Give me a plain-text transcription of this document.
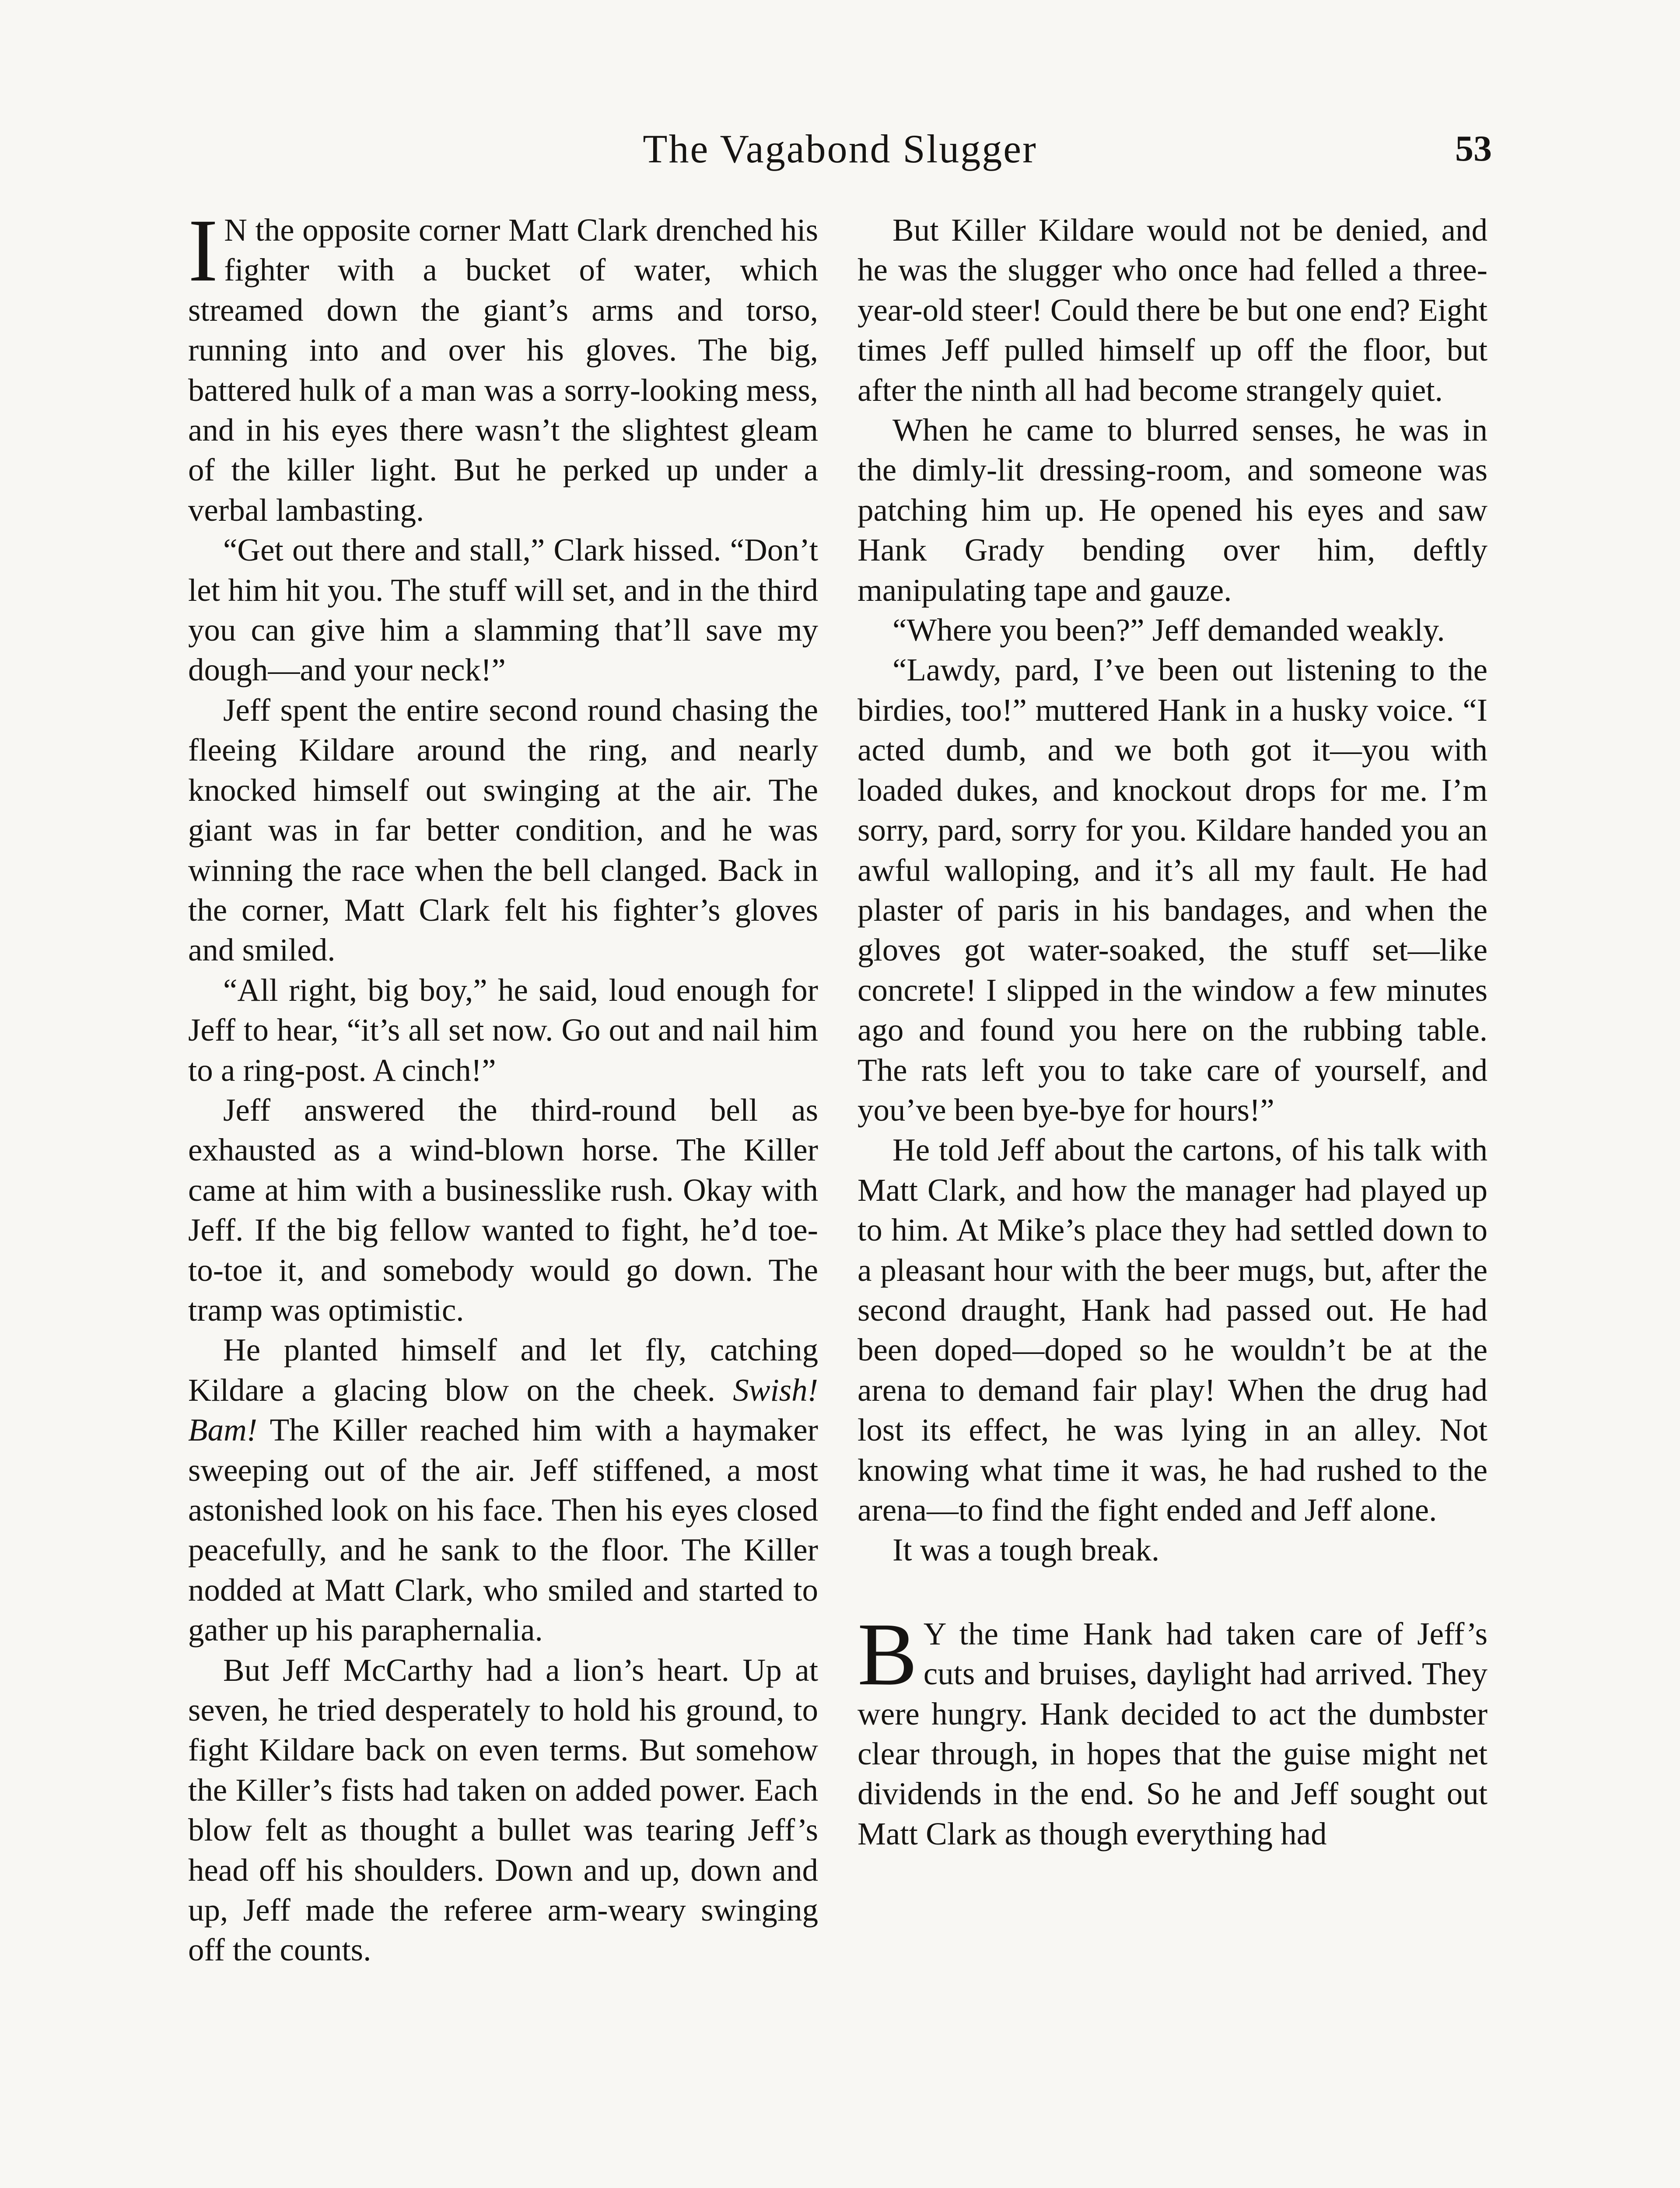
The Vagabond Slugger	53

I N the opposite corner Matt Clark drenched his fighter with a bucket of water, which streamed down the giant’s arms and torso, running into and over his gloves. The big, battered hulk of a man was a sorry-looking mess, and in his eyes there wasn’t the slightest gleam of the killer light. But he perked up under a verbal lambasting.

“Get out there and stall,” Clark hissed. “Don’t let him hit you. The stuff will set, and in the third you can give him a slamming that’ll save my dough—and your neck!”

Jeff spent the entire second round chasing the fleeing Kildare around the ring, and nearly knocked himself out swinging at the air. The giant was in far better condition, and he was winning the race when the bell clanged. Back in the corner, Matt Clark felt his fighter’s gloves and smiled.

“All right, big boy,” he said, loud enough for Jeff to hear, “it’s all set now. Go out and nail him to a ring-post. A cinch!”

Jeff answered the third-round bell as exhausted as a wind-blown horse. The Killer came at him with a businesslike rush. Okay with Jeff. If the big fellow wanted to fight, he’d toe-to-toe it, and somebody would go down. The tramp was optimistic.

He planted himself and let fly, catching Kildare a glacing blow on the cheek. Swish! Bam! The Killer reached him with a haymaker sweeping out of the air. Jeff stiffened, a most astonished look on his face. Then his eyes closed peacefully, and he sank to the floor. The Killer nodded at Matt Clark, who smiled and started to gather up his paraphernalia.

But Jeff McCarthy had a lion’s heart. Up at seven, he tried desperately to hold his ground, to fight Kildare back on even terms. But somehow the Killer’s fists had taken on added power. Each blow felt as thought a bullet was tearing Jeff’s head off his shoulders. Down and up, down and up, Jeff made the referee arm-weary swinging off the counts.

But Killer Kildare would not be denied, and he was the slugger who once had felled a three-year-old steer! Could there be but one end? Eight times Jeff pulled himself up off the floor, but after the ninth all had become strangely quiet.

When he came to blurred senses, he was in the dimly-lit dressing-room, and someone was patching him up. He opened his eyes and saw Hank Grady bending over him, deftly manipulating tape and gauze.

“Where you been?” Jeff demanded weakly.

“Lawdy, pard, I’ve been out listening to the birdies, too!” muttered Hank in a husky voice. “I acted dumb, and we both got it—you with loaded dukes, and knockout drops for me. I’m sorry, pard, sorry for you. Kildare handed you an awful walloping, and it’s all my fault. He had plaster of paris in his bandages, and when the gloves got water-soaked, the stuff set—like concrete! I slipped in the window a few minutes ago and found you here on the rubbing table. The rats left you to take care of yourself, and you’ve been bye-bye for hours!”

He told Jeff about the cartons, of his talk with Matt Clark, and how the manager had played up to him. At Mike’s place they had settled down to a pleasant hour with the beer mugs, but, after the second draught, Hank had passed out. He had been doped—doped so he wouldn’t be at the arena to demand fair play! When the drug had lost its effect, he was lying in an alley. Not knowing what time it was, he had rushed to the arena—to find the fight ended and Jeff alone.

It was a tough break.

B Y the time Hank had taken care of Jeff’s cuts and bruises, daylight had arrived. They were hungry. Hank decided to act the dumbster clear through, in hopes that the guise might net dividends in the end. So he and Jeff sought out Matt Clark as though everything had
